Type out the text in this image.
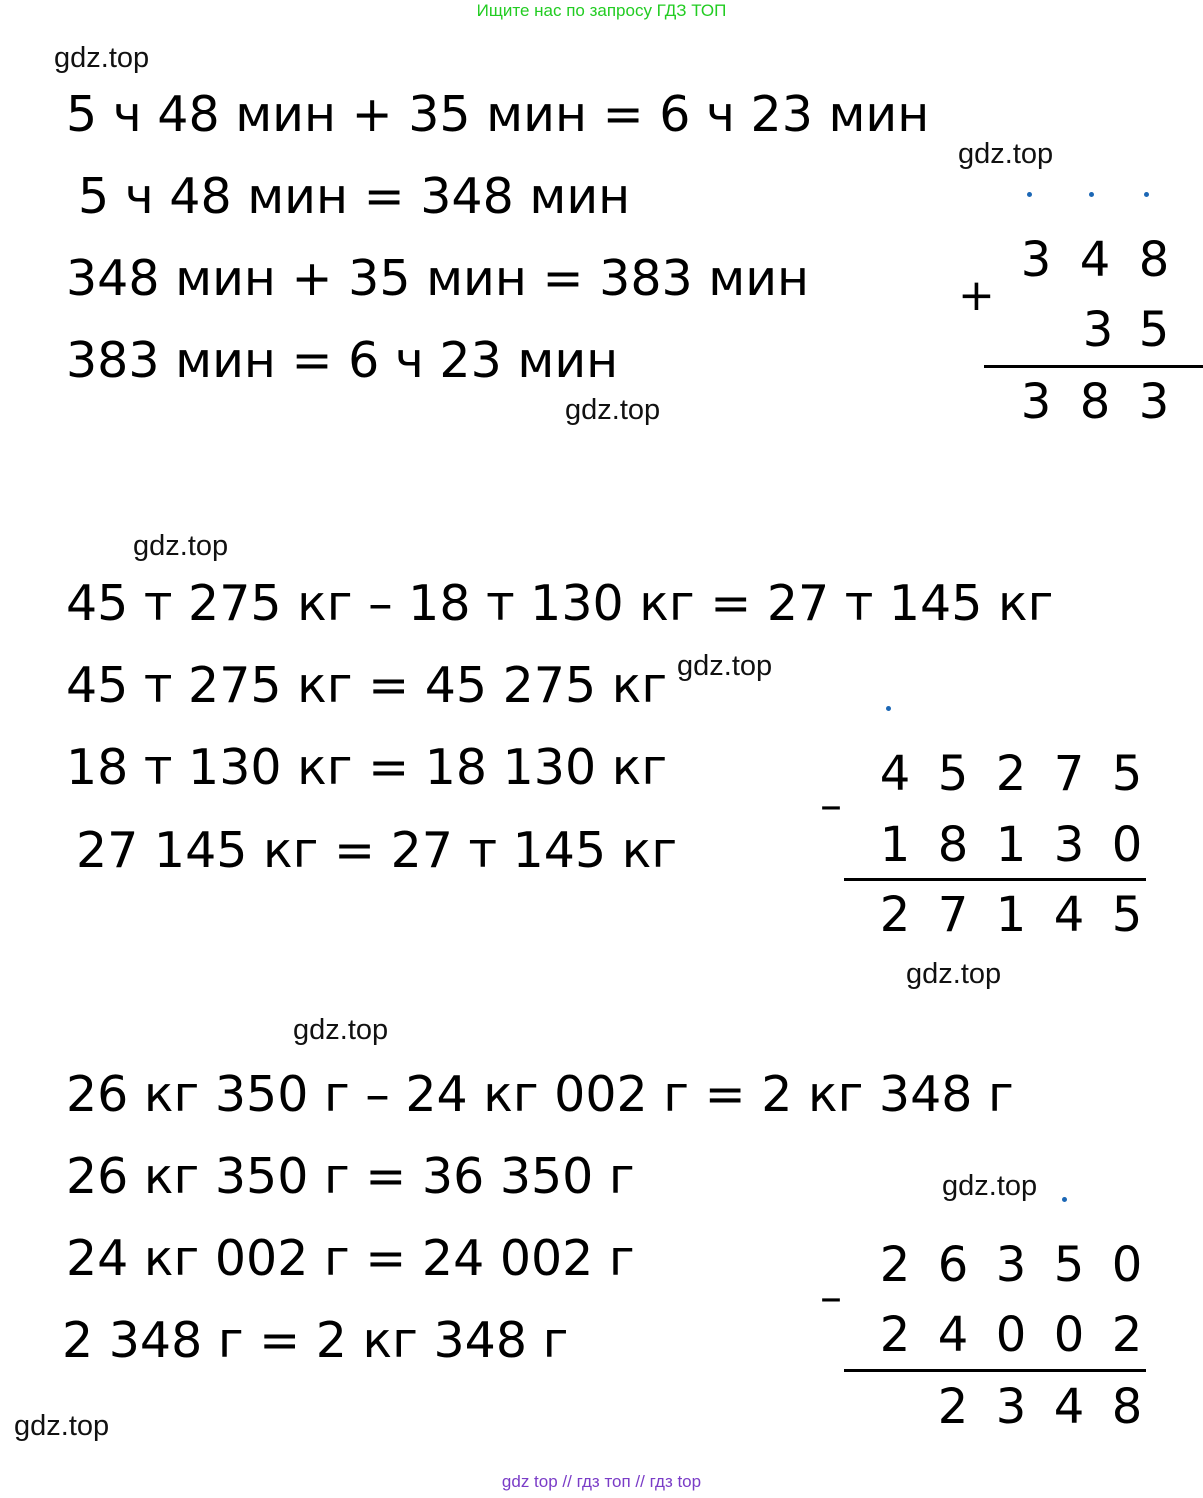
Ищите нас по запросу ГДЗ ТОП
gdz.top
gdz.top
gdz.top
gdz.top
gdz.top
gdz.top
gdz.top
gdz.top
gdz.top
5 ч 48 мин + 35 мин = 6 ч 23 мин
5 ч 48 мин = 348 мин
348 мин + 35 мин = 383 мин
383 мин = 6 ч 23 мин
+
3 4 8
3 5
3 8 3
45 т 275 кг – 18 т 130 кг = 27 т 145 кг
45 т 275 кг = 45 275 кг
18 т 130 кг = 18 130 кг
27 145 кг = 27 т 145 кг
–
4 5 2 7 5
1 8 1 3 0
2 7 1 4 5
26 кг 350 г – 24 кг 002 г = 2 кг 348 г
26 кг 350 г = 36 350 г
24 кг 002 г = 24 002 г
2 348 г = 2 кг 348 г
–
2 6 3 5 0
2 4 0 0 2
2 3 4 8
gdz top // гдз топ // гдз top
